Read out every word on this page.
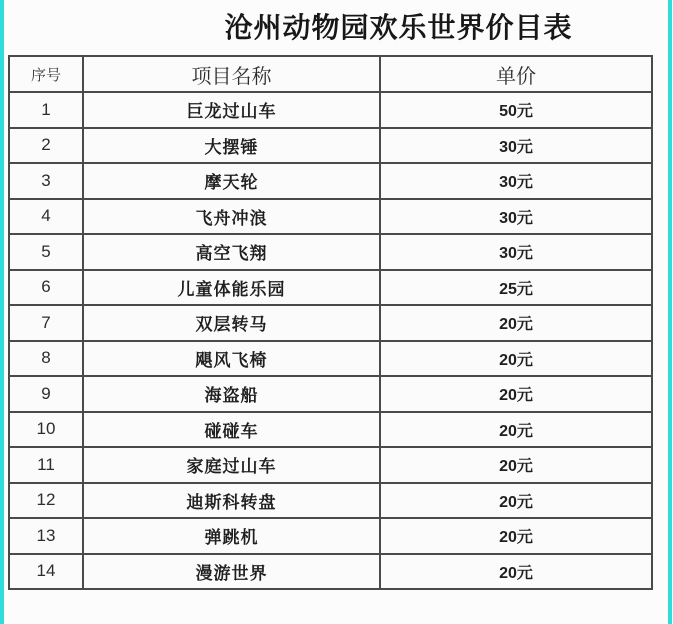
沧州动物园欢乐世界价目表
序号	项目名称	单价
1	巨龙过山车	50元
2	大摆锤	30元
3	摩天轮	30元
4	飞舟冲浪	30元
5	高空飞翔	30元
6	儿童体能乐园	25元
7	双层转马	20元
8	飓风飞椅	20元
9	海盗船	20元
10	碰碰车	20元
11	家庭过山车	20元
12	迪斯科转盘	20元
13	弹跳机	20元
14	漫游世界	20元
